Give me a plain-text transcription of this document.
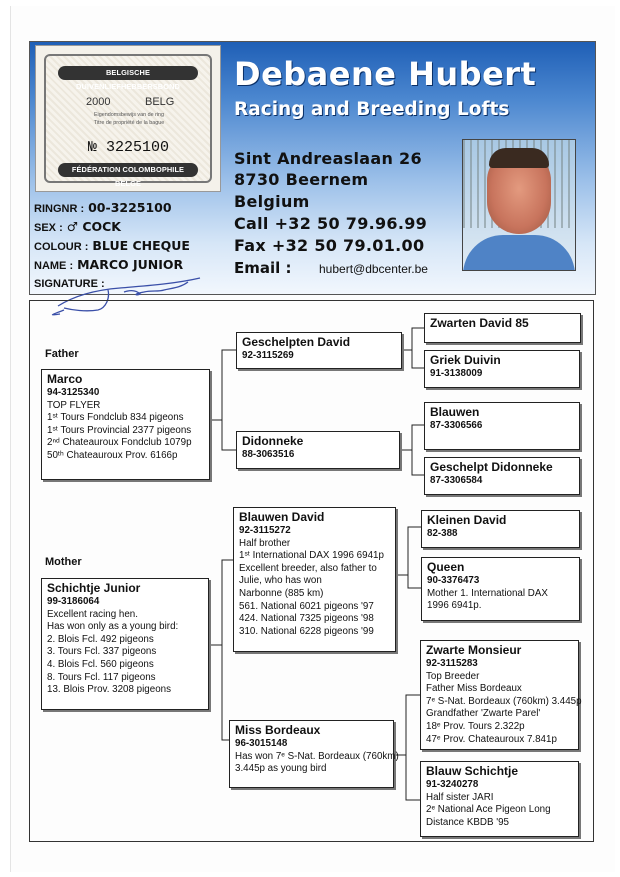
BELGISCHE DUIVENLIEFHEBBERSBOND
2000	BELG
Eigendomsbewijs van de ring
Titre de propriété de la bague
№ 3225100
FÉDÉRATION COLOMBOPHILE BELGE
Debaene Hubert
Racing and Breeding Lofts
Sint Andreaslaan 26
8730 Beernem
Belgium
Call +32 50 79.96.99
Fax +32 50 79.01.00
Email : hubert@dbcenter.be
RINGNR : 00-3225100
SEX : ♂ COCK
COLOUR : BLUE CHEQUE
NAME : MARCO JUNIOR
SIGNATURE :
Father
Mother
Marco
94-3125340
TOP FLYER
1ˢᵗ Tours Fondclub 834 pigeons
1ˢᵗ Tours Provincial 2377 pigeons
2ⁿᵈ Chateauroux Fondclub 1079p
50ᵗʰ Chateauroux Prov. 6166p
Schichtje Junior
99-3186064
Excellent racing hen.
Has won only as a young bird:
2. Blois Fcl. 492 pigeons
3. Tours Fcl. 337 pigeons
4. Blois Fcl. 560 pigeons
8. Tours Fcl. 117 pigeons
13. Blois Prov. 3208 pigeons
Geschelpten David
92-3115269
Didonneke
88-3063516
Blauwen David
92-3115272
Half brother
1ˢᵗ International DAX 1996 6941p
Excellent breeder, also father to
Julie, who has won
Narbonne (885 km)
561. National 6021 pigeons '97
424. National 7325 pigeons '98
310. National 6228 pigeons '99
Miss Bordeaux
96-3015148
Has won 7ᵉ S-Nat. Bordeaux (760km)
3.445p as young bird
Zwarten David 85
Griek Duivin
91-3138009
Blauwen
87-3306566
Geschelpt Didonneke
87-3306584
Kleinen David
82-388
Queen
90-3376473
Mother 1. International DAX
1996 6941p.
Zwarte Monsieur
92-3115283
Top Breeder
Father Miss Bordeaux
7ᵉ S-Nat. Bordeaux (760km) 3.445p
Grandfather 'Zwarte Parel'
18ᵉ Prov. Tours 2.322p
47ᵉ Prov. Chateauroux 7.841p
Blauw Schichtje
91-3240278
Half sister JARI
2ᵉ National Ace Pigeon Long
Distance KBDB '95
